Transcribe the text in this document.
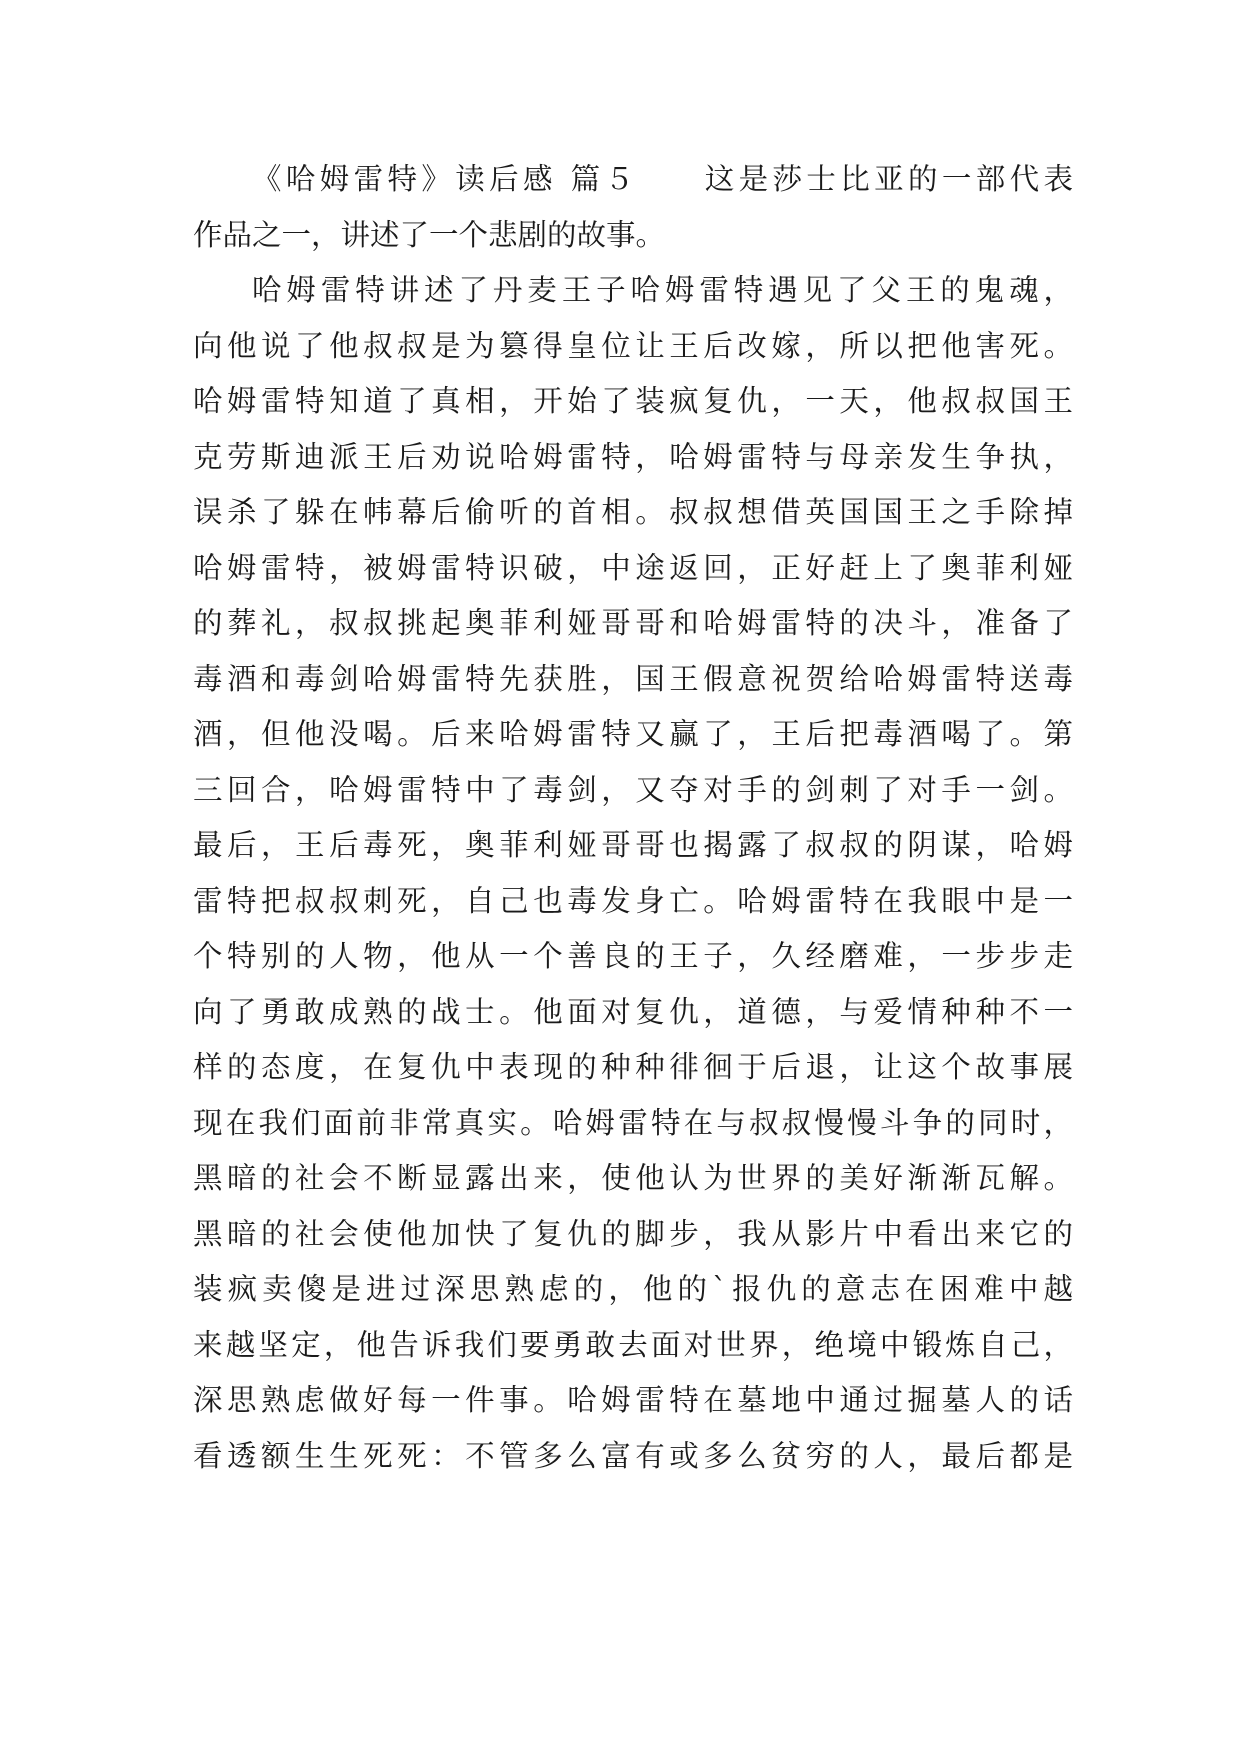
《哈姆雷特》读后感 篇５ 这是莎士比亚的一部代表
作品之一，讲述了一个悲剧的故事。
哈姆雷特讲述了丹麦王子哈姆雷特遇见了父王的鬼魂，
向他说了他叔叔是为篡得皇位让王后改嫁，所以把他害死。
哈姆雷特知道了真相，开始了装疯复仇，一天，他叔叔国王
克劳斯迪派王后劝说哈姆雷特，哈姆雷特与母亲发生争执，
误杀了躲在帏幕后偷听的首相。叔叔想借英国国王之手除掉
哈姆雷特，被姆雷特识破，中途返回，正好赶上了奥菲利娅
的葬礼，叔叔挑起奥菲利娅哥哥和哈姆雷特的决斗，准备了
毒酒和毒剑哈姆雷特先获胜，国王假意祝贺给哈姆雷特送毒
酒，但他没喝。后来哈姆雷特又赢了，王后把毒酒喝了。第
三回合，哈姆雷特中了毒剑，又夺对手的剑刺了对手一剑。
最后，王后毒死，奥菲利娅哥哥也揭露了叔叔的阴谋，哈姆
雷特把叔叔刺死，自己也毒发身亡。哈姆雷特在我眼中是一
个特别的人物，他从一个善良的王子，久经磨难，一步步走
向了勇敢成熟的战士。他面对复仇，道德，与爱情种种不一
样的态度，在复仇中表现的种种徘徊于后退，让这个故事展
现在我们面前非常真实。哈姆雷特在与叔叔慢慢斗争的同时，
黑暗的社会不断显露出来，使他认为世界的美好渐渐瓦解。
黑暗的社会使他加快了复仇的脚步，我从影片中看出来它的
装疯卖傻是进过深思熟虑的，他的`报仇的意志在困难中越
来越坚定，他告诉我们要勇敢去面对世界，绝境中锻炼自己，
深思熟虑做好每一件事。哈姆雷特在墓地中通过掘墓人的话
看透额生生死死：不管多么富有或多么贫穷的人，最后都是
